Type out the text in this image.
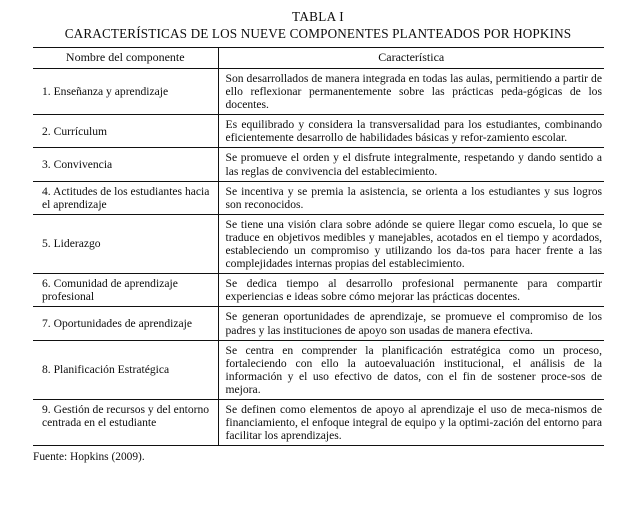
TABLA I
CARACTERÍSTICAS DE LOS NUEVE COMPONENTES PLANTEADOS POR HOPKINS
Nombre del componente	Característica
1. Enseñanza y aprendizaje	Son desarrollados de manera integrada en todas las aulas, permitiendo a partir de ello reflexionar permanentemente sobre las prácticas peda-gógicas de los docentes.
2. Currículum	Es equilibrado y considera la transversalidad para los estudiantes, combinando eficientemente desarrollo de habilidades básicas y refor-zamiento escolar.
3. Convivencia	Se promueve el orden y el disfrute integralmente, respetando y dando sentido a las reglas de convivencia del establecimiento.
4. Actitudes de los estudiantes hacia el aprendizaje	Se incentiva y se premia la asistencia, se orienta a los estudiantes y sus logros son reconocidos.
5. Liderazgo	Se tiene una visión clara sobre adónde se quiere llegar como escuela, lo que se traduce en objetivos medibles y manejables, acotados en el tiempo y acordados, estableciendo un compromiso y utilizando los da-tos para hacer frente a las complejidades internas propias del establecimiento.
6. Comunidad de aprendizaje profesional	Se dedica tiempo al desarrollo profesional permanente para compartir experiencias e ideas sobre cómo mejorar las prácticas docentes.
7. Oportunidades de aprendizaje	Se generan oportunidades de aprendizaje, se promueve el compromiso de los padres y las instituciones de apoyo son usadas de manera efectiva.
8. Planificación Estratégica	Se centra en comprender la planificación estratégica como un proceso, fortaleciendo con ello la autoevaluación institucional, el análisis de la información y el uso efectivo de datos, con el fin de sostener proce-sos de mejora.
9. Gestión de recursos y del entorno centrada en el estudiante	Se definen como elementos de apoyo al aprendizaje el uso de meca-nismos de financiamiento, el enfoque integral de equipo y la optimi-zación del entorno para facilitar los aprendizajes.
Fuente: Hopkins (2009).
